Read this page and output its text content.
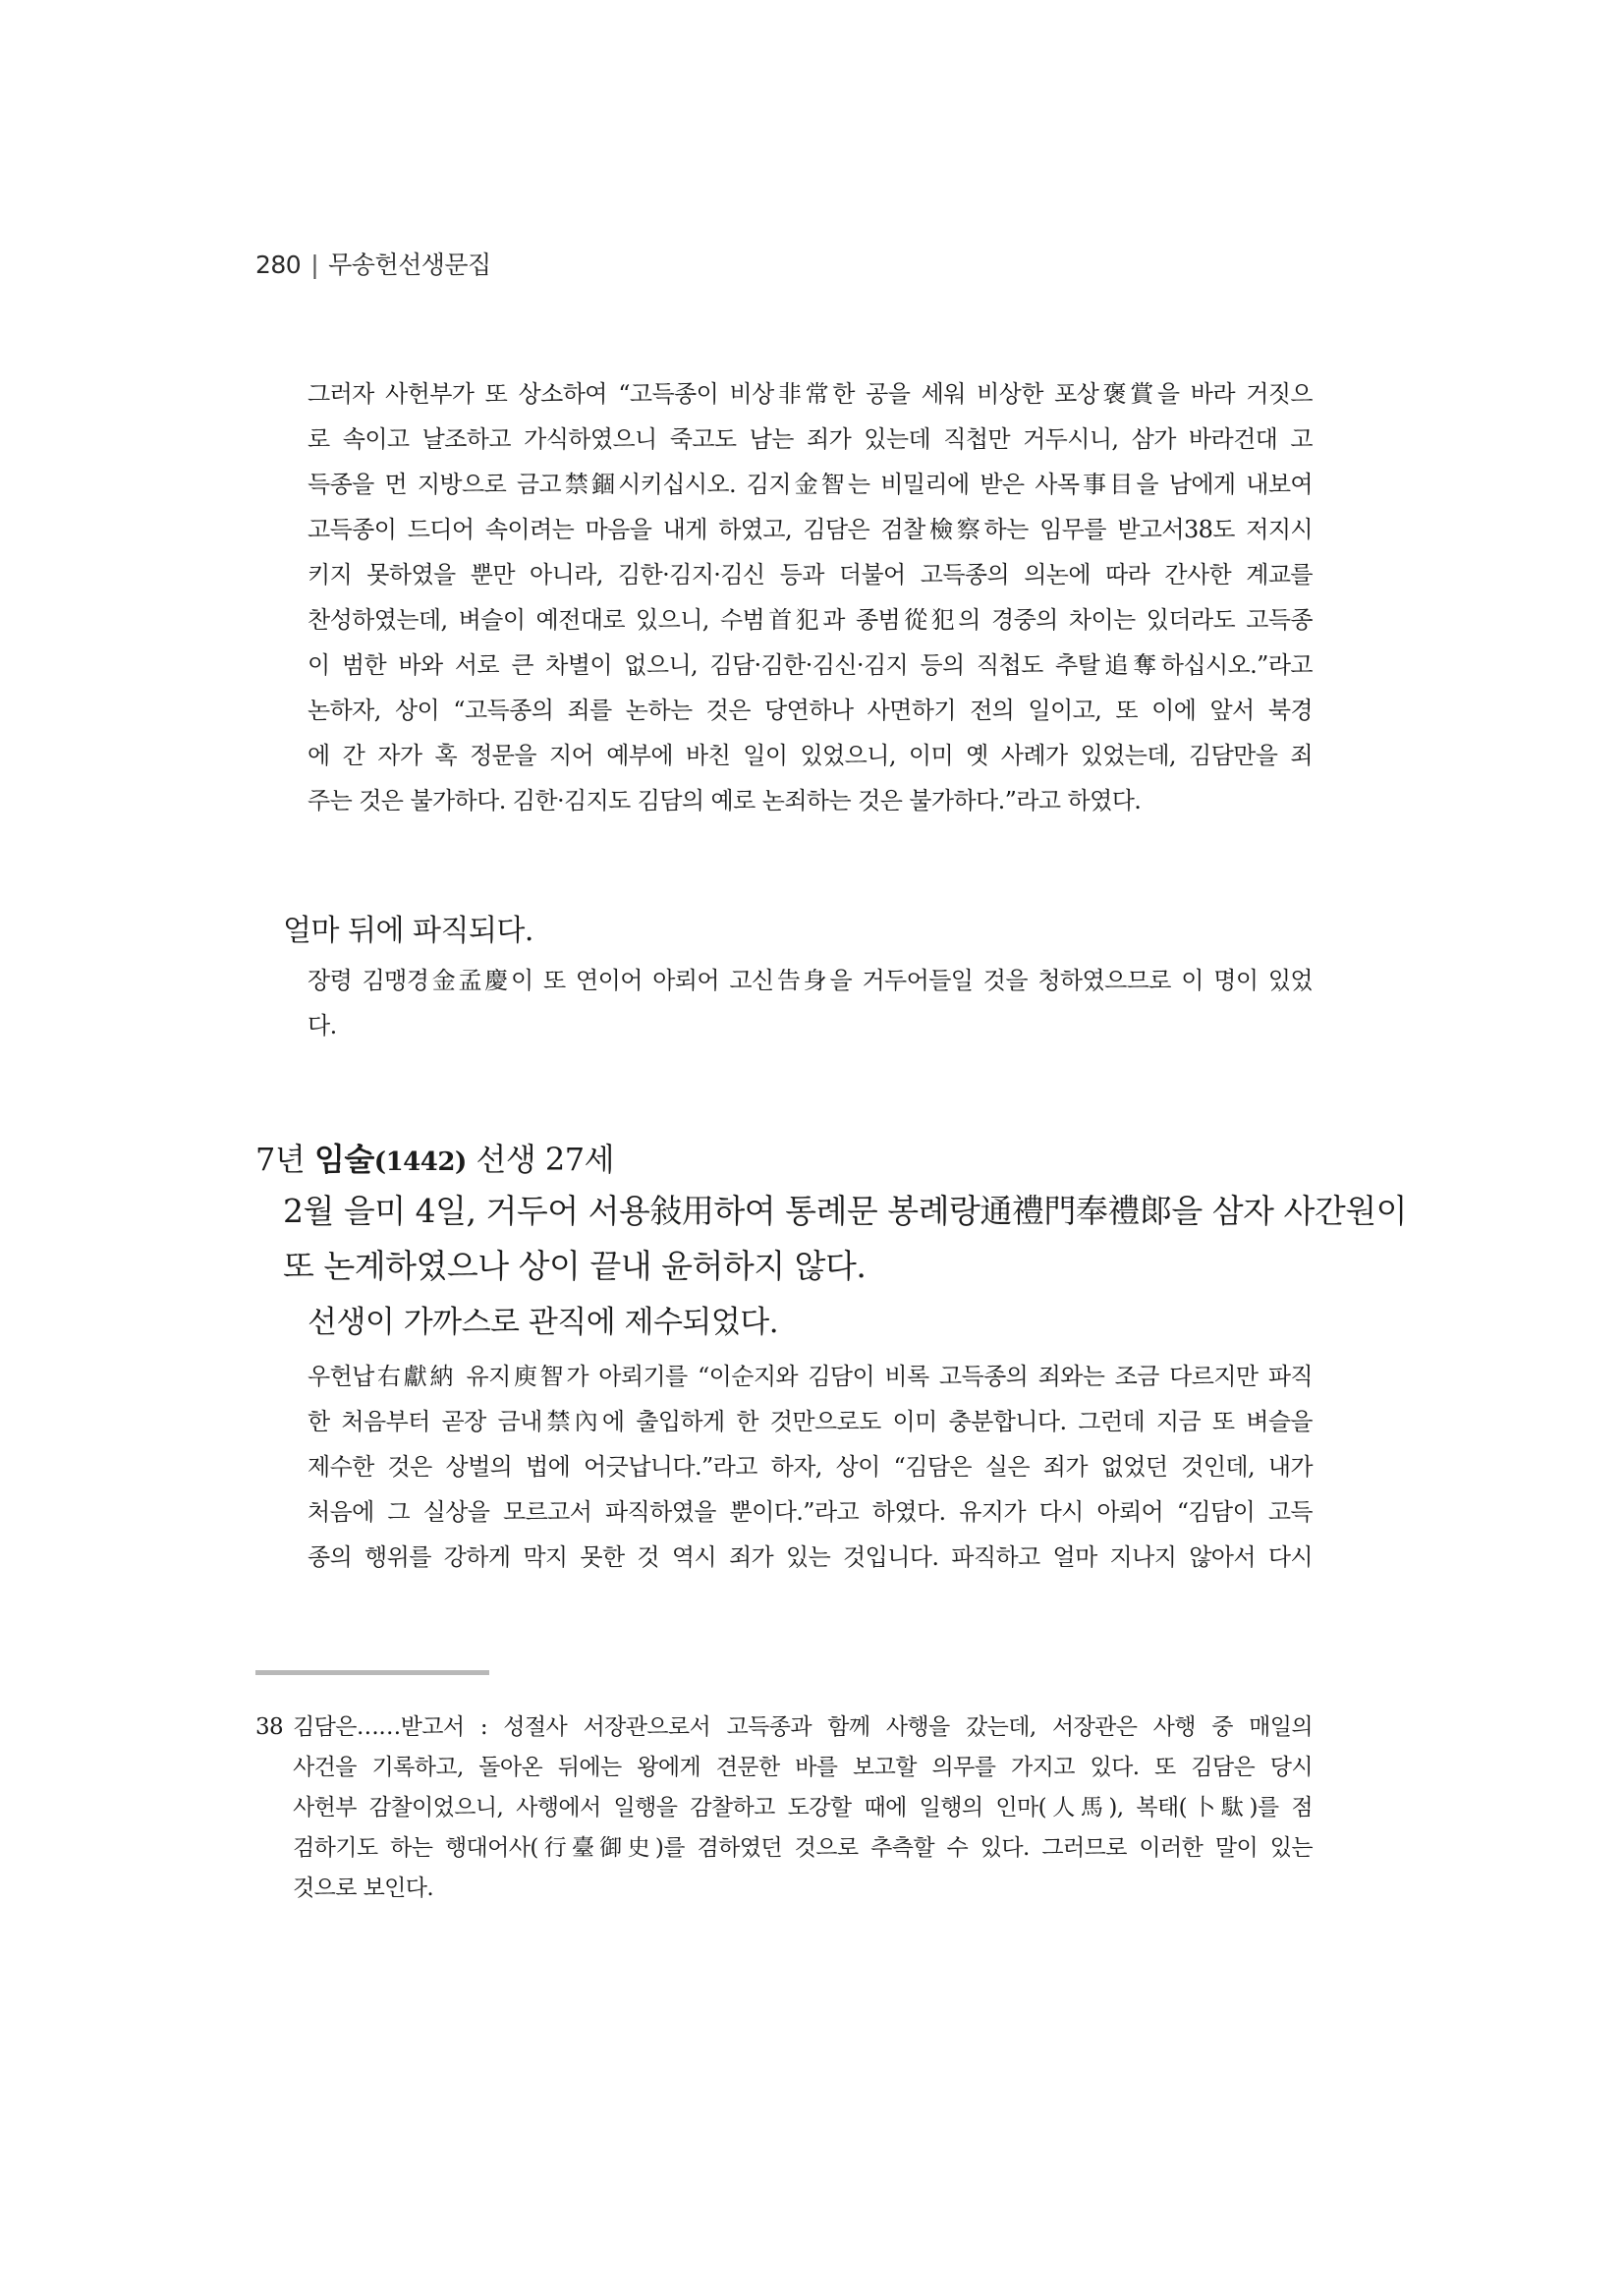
280 | 무송헌선생문집
그러자 사헌부가 또 상소하여 “고득종이 비상非常한 공을 세워 비상한 포상褒賞을 바라 거짓으
로 속이고 날조하고 가식하였으니 죽고도 남는 죄가 있는데 직첩만 거두시니, 삼가 바라건대 고
득종을 먼 지방으로 금고禁錮시키십시오. 김지金智는 비밀리에 받은 사목事目을 남에게 내보여
고득종이 드디어 속이려는 마음을 내게 하였고, 김담은 검찰檢察하는 임무를 받고서38도 저지시
키지 못하였을 뿐만 아니라, 김한·김지·김신 등과 더불어 고득종의 의논에 따라 간사한 계교를
찬성하였는데, 벼슬이 예전대로 있으니, 수범首犯과 종범從犯의 경중의 차이는 있더라도 고득종
이 범한 바와 서로 큰 차별이 없으니, 김담·김한·김신·김지 등의 직첩도 추탈追奪하십시오.”라고
논하자, 상이 “고득종의 죄를 논하는 것은 당연하나 사면하기 전의 일이고, 또 이에 앞서 북경
에 간 자가 혹 정문을 지어 예부에 바친 일이 있었으니, 이미 옛 사례가 있었는데, 김담만을 죄
주는 것은 불가하다. 김한·김지도 김담의 예로 논죄하는 것은 불가하다.”라고 하였다.
얼마 뒤에 파직되다.
장령 김맹경金孟慶이 또 연이어 아뢰어 고신告身을 거두어들일 것을 청하였으므로 이 명이 있었
다.
7년 임술(1442) 선생 27세
2월 을미 4일, 거두어 서용敍用하여 통례문 봉례랑通禮門奉禮郞을 삼자 사간원이
또 논계하였으나 상이 끝내 윤허하지 않다.
선생이 가까스로 관직에 제수되었다.
우헌납右獻納 유지庾智가 아뢰기를 “이순지와 김담이 비록 고득종의 죄와는 조금 다르지만 파직
한 처음부터 곧장 금내禁內에 출입하게 한 것만으로도 이미 충분합니다. 그런데 지금 또 벼슬을
제수한 것은 상벌의 법에 어긋납니다.”라고 하자, 상이 “김담은 실은 죄가 없었던 것인데, 내가
처음에 그 실상을 모르고서 파직하였을 뿐이다.”라고 하였다. 유지가 다시 아뢰어 “김담이 고득
종의 행위를 강하게 막지 못한 것 역시 죄가 있는 것입니다. 파직하고 얼마 지나지 않아서 다시
38 김담은……받고서 : 성절사 서장관으로서 고득종과 함께 사행을 갔는데, 서장관은 사행 중 매일의
사건을 기록하고, 돌아온 뒤에는 왕에게 견문한 바를 보고할 의무를 가지고 있다. 또 김담은 당시
사헌부 감찰이었으니, 사행에서 일행을 감찰하고 도강할 때에 일행의 인마(人馬), 복태(卜駄)를 점
검하기도 하는 행대어사(行臺御史)를 겸하였던 것으로 추측할 수 있다. 그러므로 이러한 말이 있는
것으로 보인다.
